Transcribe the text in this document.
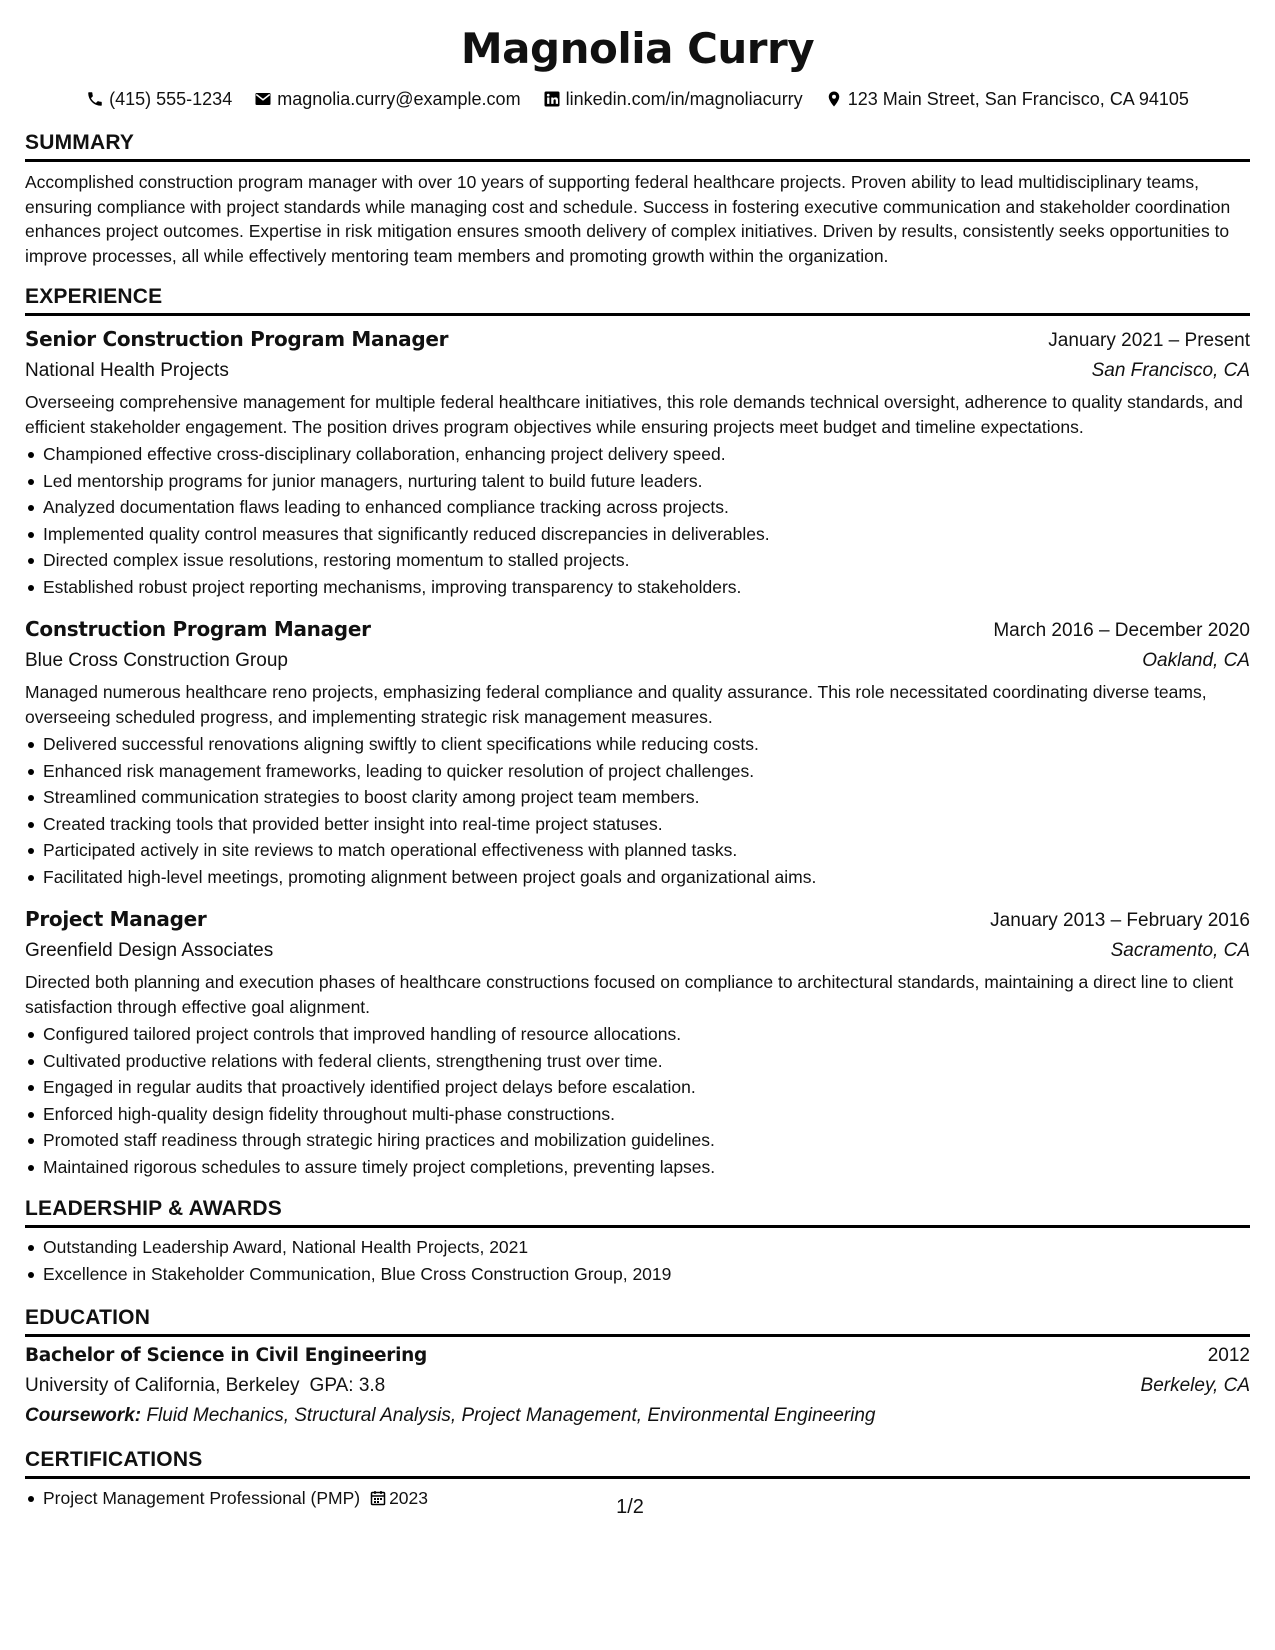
Magnolia Curry
(415) 555-1234	magnolia.curry@example.com	linkedin.com/in/magnoliacurry	123 Main Street, San Francisco, CA 94105
SUMMARY
Accomplished construction program manager with over 10 years of supporting federal healthcare projects. Proven ability to lead multidisciplinary teams, ensuring compliance with project standards while managing cost and schedule. Success in fostering executive communication and stakeholder coordination enhances project outcomes. Expertise in risk mitigation ensures smooth delivery of complex initiatives. Driven by results, consistently seeks opportunities to improve processes, all while effectively mentoring team members and promoting growth within the organization.
EXPERIENCE
Senior Construction Program Manager	January 2021 – Present
National Health Projects	San Francisco, CA
Overseeing comprehensive management for multiple federal healthcare initiatives, this role demands technical oversight, adherence to quality standards, and efficient stakeholder engagement. The position drives program objectives while ensuring projects meet budget and timeline expectations.
Championed effective cross-disciplinary collaboration, enhancing project delivery speed.
Led mentorship programs for junior managers, nurturing talent to build future leaders.
Analyzed documentation flaws leading to enhanced compliance tracking across projects.
Implemented quality control measures that significantly reduced discrepancies in deliverables.
Directed complex issue resolutions, restoring momentum to stalled projects.
Established robust project reporting mechanisms, improving transparency to stakeholders.
Construction Program Manager	March 2016 – December 2020
Blue Cross Construction Group	Oakland, CA
Managed numerous healthcare reno projects, emphasizing federal compliance and quality assurance. This role necessitated coordinating diverse teams, overseeing scheduled progress, and implementing strategic risk management measures.
Delivered successful renovations aligning swiftly to client specifications while reducing costs.
Enhanced risk management frameworks, leading to quicker resolution of project challenges.
Streamlined communication strategies to boost clarity among project team members.
Created tracking tools that provided better insight into real-time project statuses.
Participated actively in site reviews to match operational effectiveness with planned tasks.
Facilitated high-level meetings, promoting alignment between project goals and organizational aims.
Project Manager	January 2013 – February 2016
Greenfield Design Associates	Sacramento, CA
Directed both planning and execution phases of healthcare constructions focused on compliance to architectural standards, maintaining a direct line to client satisfaction through effective goal alignment.
Configured tailored project controls that improved handling of resource allocations.
Cultivated productive relations with federal clients, strengthening trust over time.
Engaged in regular audits that proactively identified project delays before escalation.
Enforced high-quality design fidelity throughout multi-phase constructions.
Promoted staff readiness through strategic hiring practices and mobilization guidelines.
Maintained rigorous schedules to assure timely project completions, preventing lapses.
LEADERSHIP & AWARDS
Outstanding Leadership Award, National Health Projects, 2021
Excellence in Stakeholder Communication, Blue Cross Construction Group, 2019
EDUCATION
Bachelor of Science in Civil Engineering	2012
University of California, Berkeley GPA: 3.8	Berkeley, CA
Coursework: Fluid Mechanics, Structural Analysis, Project Management, Environmental Engineering
CERTIFICATIONS
Project Management Professional (PMP) 2023	1/2
